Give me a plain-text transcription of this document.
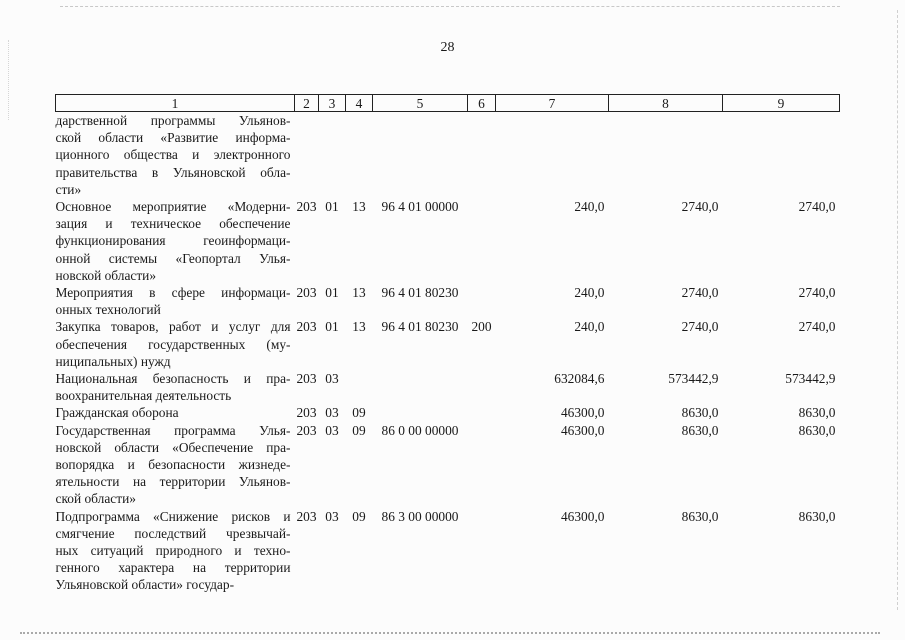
28
1	2	3	4	5	6	7	8	9

дарственной программы Ульянов-
ской области «Развитие информа-
ционного общества и электронного
правительства в Ульяновской обла-
сти»								

Основное мероприятие «Модерни-
зация и техническое обеспечение
функционирования геоинформаци-
онной системы «Геопортал Улья-
новской области»	203	01	13	96 4 01 00000		240,0	2740,0	2740,0

Мероприятия в сфере информаци-
онных технологий	203	01	13	96 4 01 80230		240,0	2740,0	2740,0

Закупка товаров, работ и услуг для
обеспечения государственных (му-
ниципальных) нужд	203	01	13	96 4 01 80230	200	240,0	2740,0	2740,0

Национальная безопасность и пра-
воохранительная деятельность	203	03				632084,6	573442,9	573442,9

Гражданская оборона	203	03	09			46300,0	8630,0	8630,0

Государственная программа Улья-
новской области «Обеспечение пра-
вопорядка и безопасности жизнеде-
ятельности на территории Ульянов-
ской области»	203	03	09	86 0 00 00000		46300,0	8630,0	8630,0

Подпрограмма «Снижение рисков и
смягчение последствий чрезвычай-
ных ситуаций природного и техно-
генного характера на территории
Ульяновской области» государ-	203	03	09	86 3 00 00000		46300,0	8630,0	8630,0
